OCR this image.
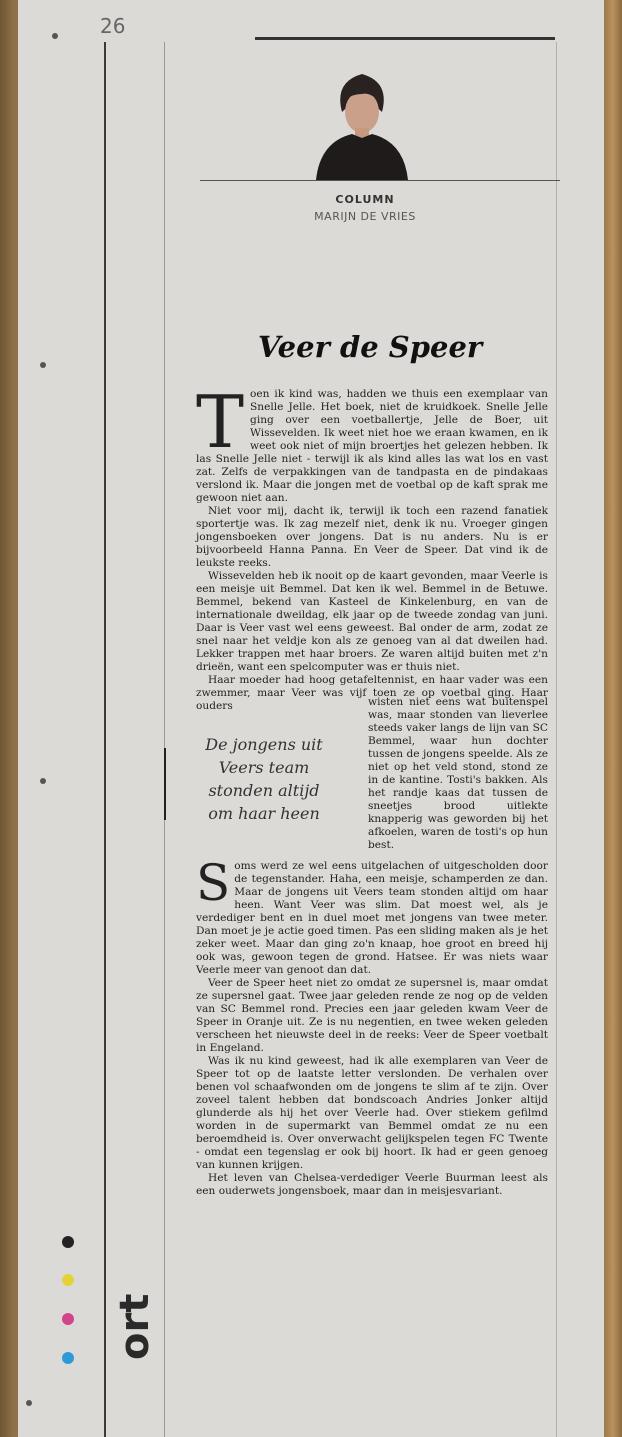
26
ort
COLUMN
MARIJN DE VRIES
Veer de Speer
T oen ik kind was, hadden we thuis een exemplaar van Snelle Jelle. Het boek, niet de kruidkoek. Snelle Jelle ging over een voetballertje, Jelle de Boer, uit Wisseveldеn. Ik weet niet hoe we eraan kwamen, en ik weet ook niet of mijn broertjes het gelezen hebben. Ik las Snelle Jelle niet - terwijl ik als kind alles las wat los en vast zat. Zelfs de verpakkingen van de tandpasta en de pindakaas verslond ik. Maar die jongen met de voetbal op de kaft sprak me gewoon niet aan.

Niet voor mij, dacht ik, terwijl ik toch een razend fanatiek sportertje was. Ik zag mezelf niet, denk ik nu. Vroeger gingen jongensboeken over jongens. Dat is nu anders. Nu is er bijvoorbeeld Hanna Panna. En Veer de Speer. Dat vind ik de leukste reeks.

Wisseveldеn heb ik nooit op de kaart gevonden, maar Veerle is een meisje uit Bemmel. Dat ken ik wel. Bemmel in de Betuwe. Bemmel, bekend van Kasteel de Kinkelenburg, en van de internationale dweildag, elk jaar op de tweede zondag van juni. Daar is Veer vast wel eens geweest. Bal onder de arm, zodat ze snel naar het veldje kon als ze genoeg van al dat dweilen had. Lekker trappen met haar broers. Ze waren altijd buiten met z'n drieën, want een spelcomputer was er thuis niet.

Haar moeder had hoog getafeltennist, en haar vader was een zwemmer, maar Veer was vijf toen ze op voetbal ging. Haar ouders	wisten niet eens wat buitenspel was, maar stonden van lieverlee steeds vaker langs de lijn van SC Bemmel, waar hun dochter tussen de jongens speelde. Als ze niet op het veld stond, stond ze in de kantine. Tosti's bakken. Als het randje kaas dat tussen de sneetjes brood uitlekte knapperig was geworden bij het afkoelen, waren de tosti's op hun best.

De jongens uit Veers team stonden altijd om haar heen
S oms werd ze wel eens uitgelachen of uitgescholden door de tegenstander. Haha, een meisje, schamperden ze dan. Maar de jongens uit Veers team stonden altijd om haar heen. Want Veer was slim. Dat moest wel, als je verdediger bent en in duel moet met jongens van twee meter. Dan moet je je actie goed timen. Pas een sliding maken als je het zeker weet. Maar dan ging zo'n knaap, hoe groot en breed hij ook was, gewoon tegen de grond. Hatsee. Er was niets waar Veerle meer van genoot dan dat.

Veer de Speer heet niet zo omdat ze supersnel is, maar omdat ze supersnel gaat. Twee jaar geleden rende ze nog op de velden van SC Bemmel rond. Precies een jaar geleden kwam Veer de Speer in Oranje uit. Ze is nu negentien, en twee weken geleden verscheen het nieuwste deel in de reeks: Veer de Speer voetbalt in Engeland.

Was ik nu kind geweest, had ik alle exemplaren van Veer de Speer tot op de laatste letter verslonden. De verhalen over benen vol schaafwonden om de jongens te slim af te zijn. Over zoveel talent hebben dat bondscoach Andries Jonker altijd glunderde als hij het over Veerle had. Over stiekem gefilmd worden in de supermarkt van Bemmel omdat ze nu een beroemdheid is. Over onverwacht gelijkspelen tegen FC Twente - omdat een tegenslag er ook bij hoort. Ik had er geen genoeg van kunnen krijgen.

Het leven van Chelsea-verdediger Veerle Buurman leest als een ouderwets jongensboek, maar dan in meisjesvariant.
